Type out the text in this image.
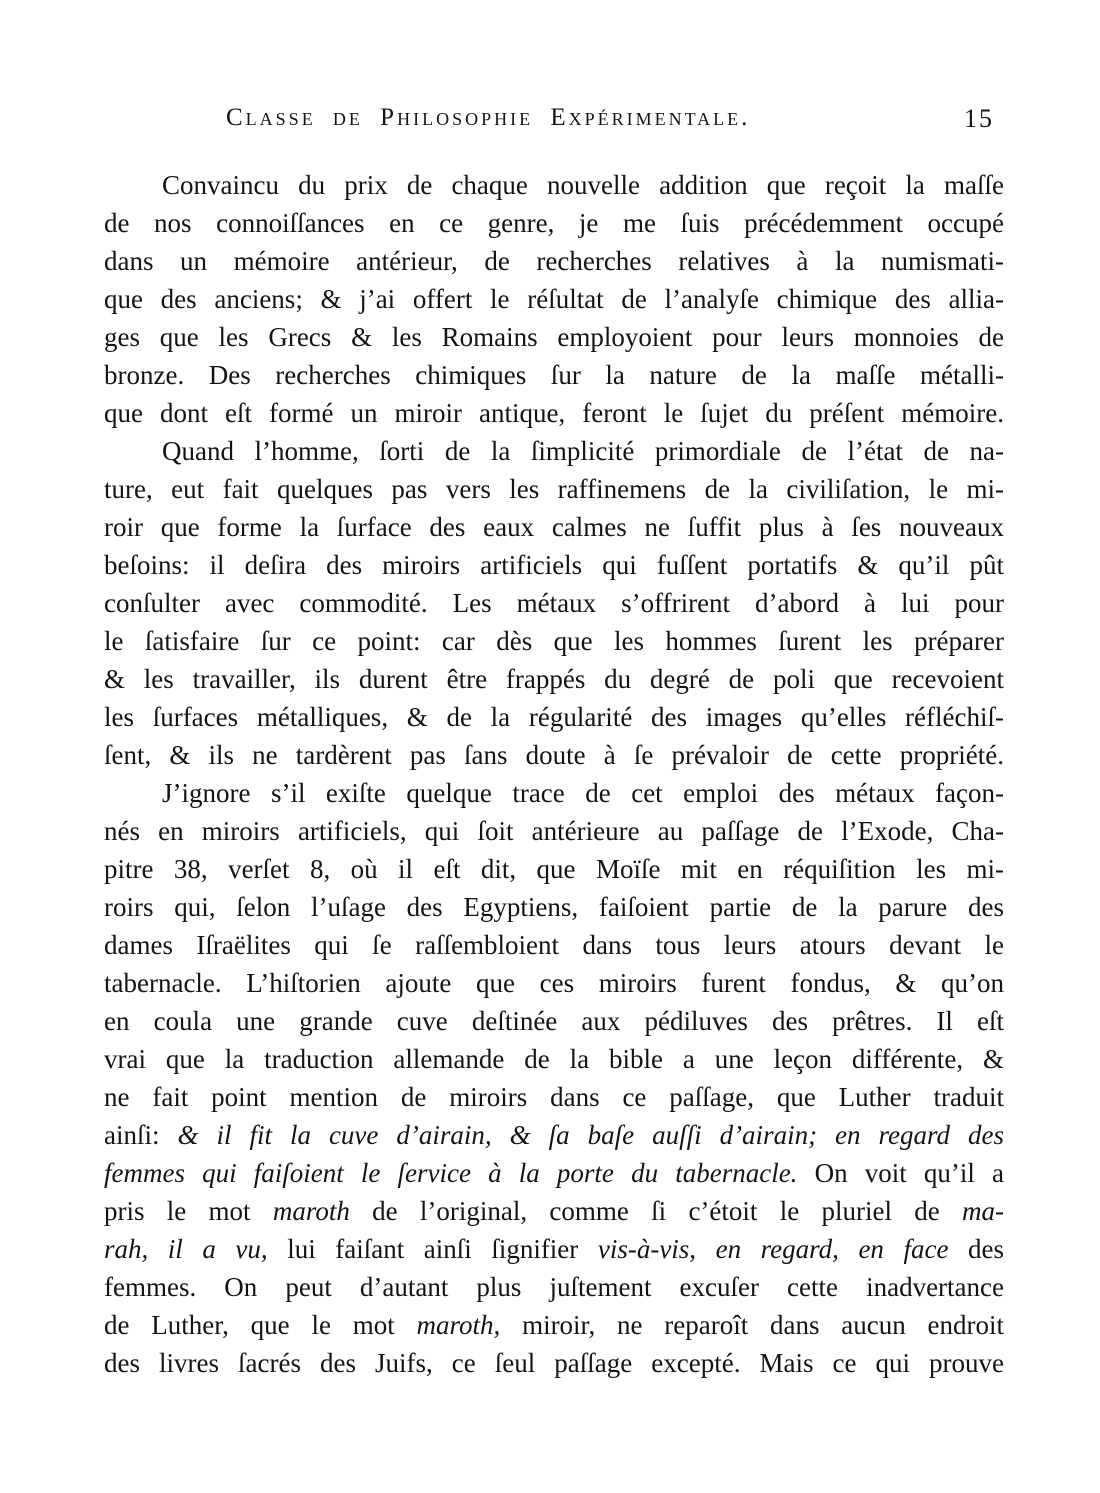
Classe de Philosophie Expérimentale.	15
Convaincu du prix de chaque nouvelle addition que reçoit la maſſe
de nos connoiſſances en ce genre, je me ſuis précédemment occupé
dans un mémoire antérieur, de recherches relatives à la numismati-
que des anciens; & j’ai offert le réſultat de l’analyſe chimique des allia-
ges que les Grecs & les Romains employoient pour leurs monnoies de
bronze. Des recherches chimiques ſur la nature de la maſſe métalli-
que dont eſt formé un miroir antique, feront le ſujet du préſent mémoire.
Quand l’homme, ſorti de la ſimplicité primordiale de l’état de na-
ture, eut fait quelques pas vers les raffinemens de la civiliſation, le mi-
roir que forme la ſurface des eaux calmes ne ſuffit plus à ſes nouveaux
beſoins: il deſira des miroirs artificiels qui fuſſent portatifs & qu’il pût
conſulter avec commodité. Les métaux s’offrirent d’abord à lui pour
le ſatisfaire ſur ce point: car dès que les hommes ſurent les préparer
& les travailler, ils durent être frappés du degré de poli que recevoient
les ſurfaces métalliques, & de la régularité des images qu’elles réfléchiſ-
ſent, & ils ne tardèrent pas ſans doute à ſe prévaloir de cette propriété.
J’ignore s’il exiſte quelque trace de cet emploi des métaux façon-
nés en miroirs artificiels, qui ſoit antérieure au paſſage de l’Exode, Cha-
pitre 38, verſet 8, où il eſt dit, que Moïſe mit en réquiſition les mi-
roirs qui, ſelon l’uſage des Egyptiens, faiſoient partie de la parure des
dames Iſraëlites qui ſe raſſembloient dans tous leurs atours devant le
tabernacle. L’hiſtorien ajoute que ces miroirs furent fondus, & qu’on
en coula une grande cuve deſtinée aux pédiluves des prêtres. Il eſt
vrai que la traduction allemande de la bible a une leçon différente, &
ne fait point mention de miroirs dans ce paſſage, que Luther traduit
ainſi: & il fit la cuve d’airain, & ſa baſe auſſi d’airain; en regard des
femmes qui faiſoient le ſervice à la porte du tabernacle. On voit qu’il a
pris le mot maroth de l’original, comme ſi c’étoit le pluriel de ma-
rah, il a vu, lui faiſant ainſi ſignifier vis-à-vis, en regard, en face des
femmes. On peut d’autant plus juſtement excuſer cette inadvertance
de Luther, que le mot maroth, miroir, ne reparoît dans aucun endroit
des livres ſacrés des Juifs, ce ſeul paſſage excepté. Mais ce qui prouve
